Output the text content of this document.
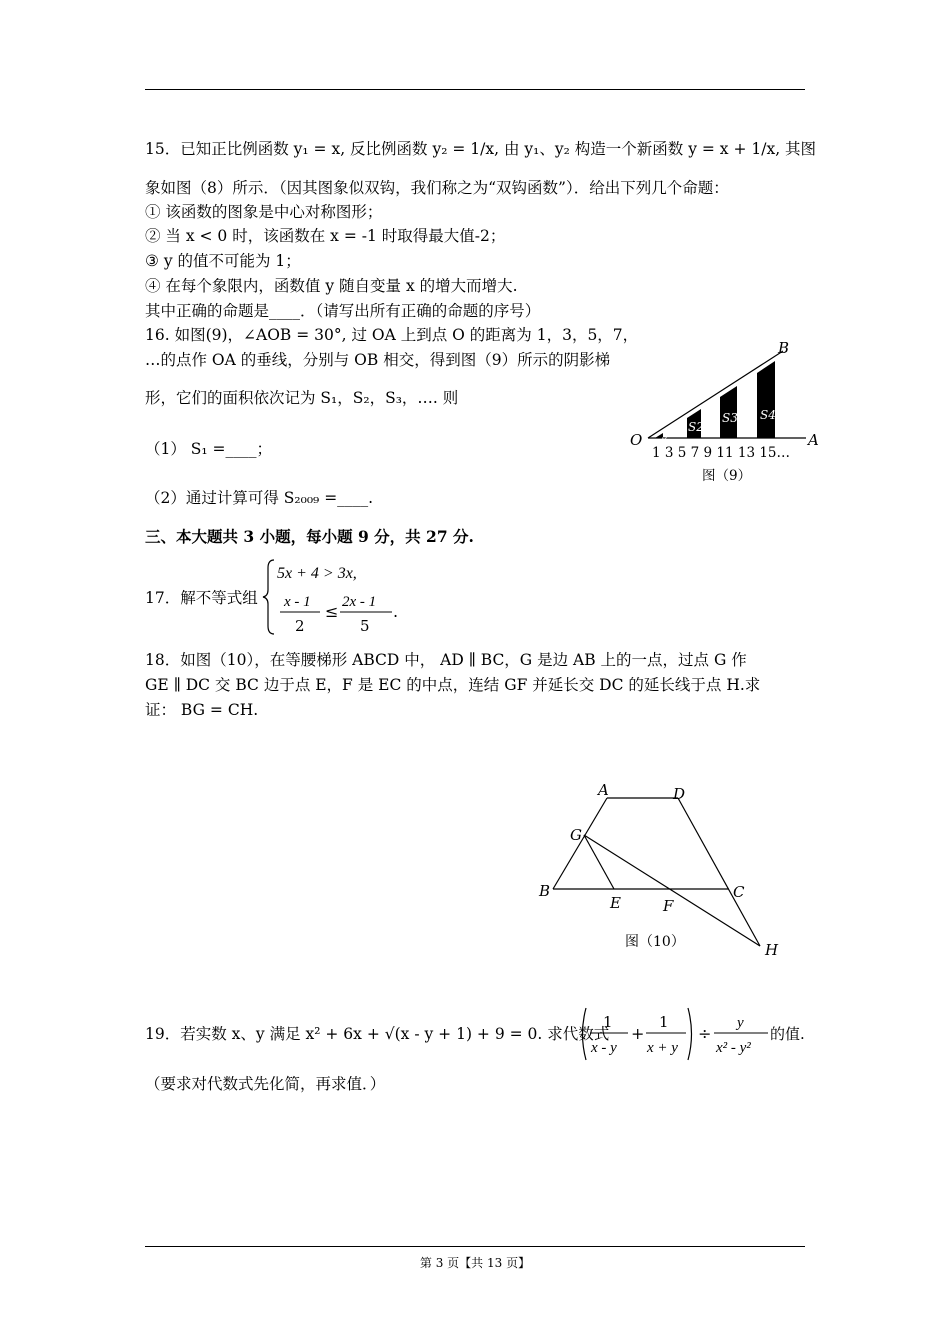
15．已知正比例函数 y₁ = x, 反比例函数 y₂ = 1/x, 由 y₁、y₂ 构造一个新函数 y = x + 1/x, 其图
象如图（8）所示．（因其图象似双钩，我们称之为“双钩函数”）．给出下列几个命题：
① 该函数的图象是中心对称图形；
② 当 x < 0 时，该函数在 x = -1 时取得最大值-2；
③ y 的值不可能为 1；
④ 在每个象限内，函数值 y 随自变量 x 的增大而增大.
其中正确的命题是____．（请写出所有正确的命题的序号）
16. 如图(9)，∠AOB = 30°, 过 OA 上到点 O 的距离为 1，3，5，7，
…的点作 OA 的垂线，分别与 OB 相交，得到图（9）所示的阴影梯
形，它们的面积依次记为 S₁，S₂，S₃，…. 则
（1） S₁ =____；
（2）通过计算可得 S₂₀₀₉ =____.
S
S2
S3 S4
B
O	A
1 3 5 7 9 11 13 15…
图（9）
三、本大题共 3 小题，每小题 9 分，共 27 分.
17．解不等式组
5x + 4 > 3x,
x - 1
2
≤ 2x - 1
5
.
18．如图（10），在等腰梯形 ABCD 中， AD ∥ BC，G 是边 AB 上的一点，过点 G 作
GE ∥ DC 交 BC 边于点 E，F 是 EC 的中点，连结 GF 并延长交 DC 的延长线于点 H.求
证： BG = CH.
A	D
G
B
E	F
C
H
图（10）
19．若实数 x、y 满足 x² + 6x + √(x - y + 1) + 9 = 0. 求代数式
1
x - y
+
1
x + y
÷
y
x² - y²
的值.
（要求对代数式先化简，再求值．）
第 3 页【共 13 页】
